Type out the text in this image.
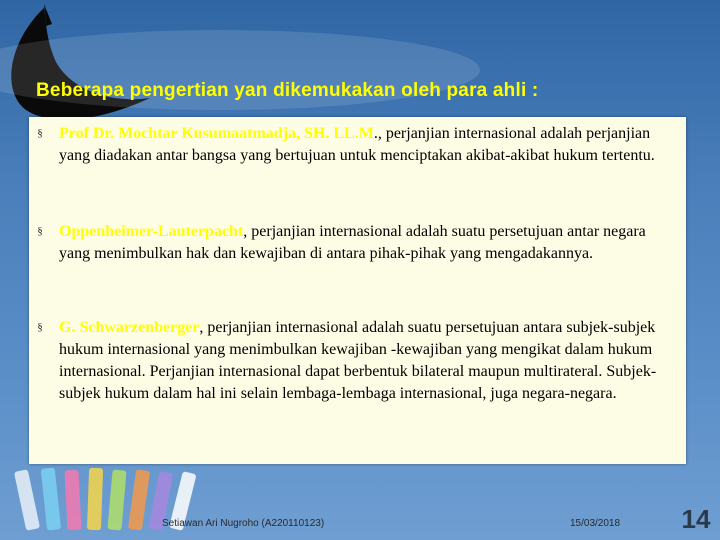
Beberapa pengertian yan dikemukakan oleh para ahli :
§ Prof Dr. Mochtar Kusumaatmadja, SH. LL.M., perjanjian internasional adalah perjanjian yang diadakan antar bangsa yang bertujuan untuk menciptakan akibat-akibat hukum tertentu.
§ Oppenheimer-Lauterpacht, perjanjian internasional adalah suatu persetujuan antar negara yang menimbulkan hak dan kewajiban di antara pihak-pihak yang mengadakannya.
§ G. Schwarzenberger, perjanjian internasional adalah suatu persetujuan antara subjek-subjek hukum internasional yang menimbulkan kewajiban -kewajiban yang mengikat dalam hukum internasional. Perjanjian internasional dapat berbentuk bilateral maupun multirateral. Subjek-subjek hukum dalam hal ini selain lembaga-lembaga internasional, juga negara-negara.
Setiawan Ari Nugroho (A220110123)	15/03/2018 14
